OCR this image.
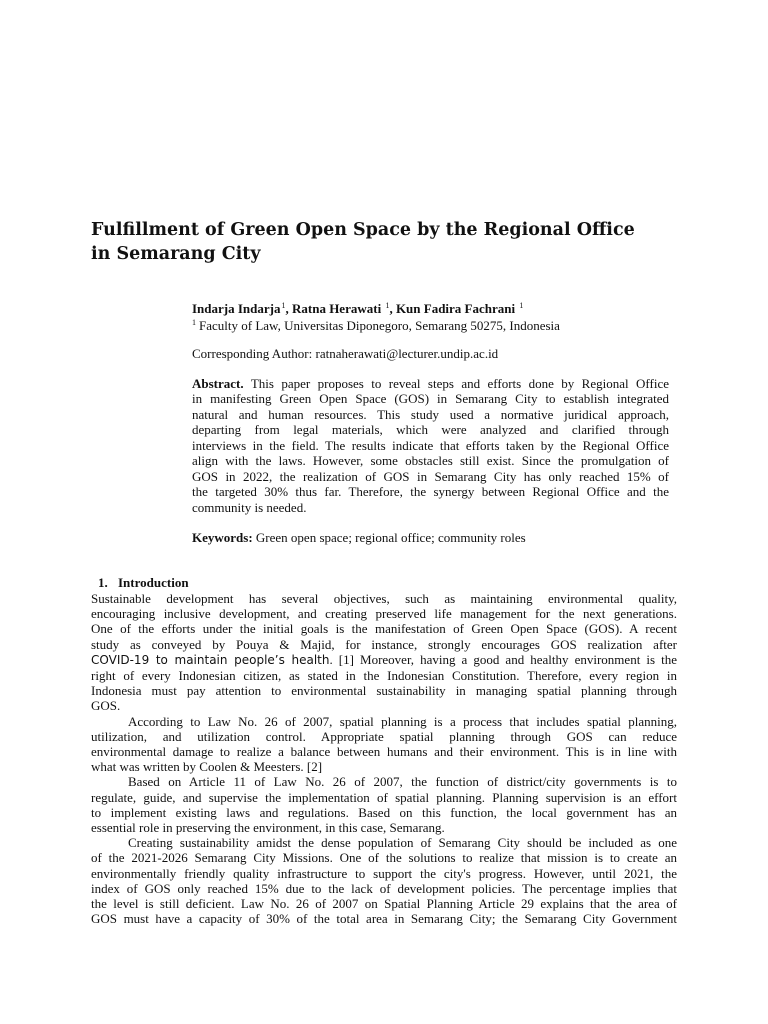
Fulfillment of Green Open Space by the Regional Office
in Semarang City
Indarja Indarja$^1$, Ratna Herawati $^1$, Kun Fadira Fachrani $^1$
$^1$ Faculty of Law, Universitas Diponegoro, Semarang 50275, Indonesia
Corresponding Author: ratnaherawati@lecturer.undip.ac.id
Abstract. This paper proposes to reveal steps and efforts done by Regional Office
in manifesting Green Open Space (GOS) in Semarang City to establish integrated
natural and human resources. This study used a normative juridical approach,
departing from legal materials, which were analyzed and clarified through
interviews in the field. The results indicate that efforts taken by the Regional Office
align with the laws. However, some obstacles still exist. Since the promulgation of
GOS in 2022, the realization of GOS in Semarang City has only reached 15% of
the targeted 30% thus far. Therefore, the synergy between Regional Office and the
community is needed.
Keywords: Green open space; regional office; community roles
1. Introduction
Sustainable development has several objectives, such as maintaining environmental quality,
encouraging inclusive development, and creating preserved life management for the next generations.
One of the efforts under the initial goals is the manifestation of Green Open Space (GOS). A recent
study as conveyed by Pouya & Majid, for instance, strongly encourages GOS realization after
COVID-19 to maintain people’s health. [1] Moreover, having a good and healthy environment is the
right of every Indonesian citizen, as stated in the Indonesian Constitution. Therefore, every region in
Indonesia must pay attention to environmental sustainability in managing spatial planning through
GOS.
According to Law No. 26 of 2007, spatial planning is a process that includes spatial planning,
utilization, and utilization control. Appropriate spatial planning through GOS can reduce
environmental damage to realize a balance between humans and their environment. This is in line with
what was written by Coolen & Meesters. [2]
Based on Article 11 of Law No. 26 of 2007, the function of district/city governments is to
regulate, guide, and supervise the implementation of spatial planning. Planning supervision is an effort
to implement existing laws and regulations. Based on this function, the local government has an
essential role in preserving the environment, in this case, Semarang.
Creating sustainability amidst the dense population of Semarang City should be included as one
of the 2021-2026 Semarang City Missions. One of the solutions to realize that mission is to create an
environmentally friendly quality infrastructure to support the city's progress. However, until 2021, the
index of GOS only reached 15% due to the lack of development policies. The percentage implies that
the level is still deficient. Law No. 26 of 2007 on Spatial Planning Article 29 explains that the area of
GOS must have a capacity of 30% of the total area in Semarang City; the Semarang City Government
